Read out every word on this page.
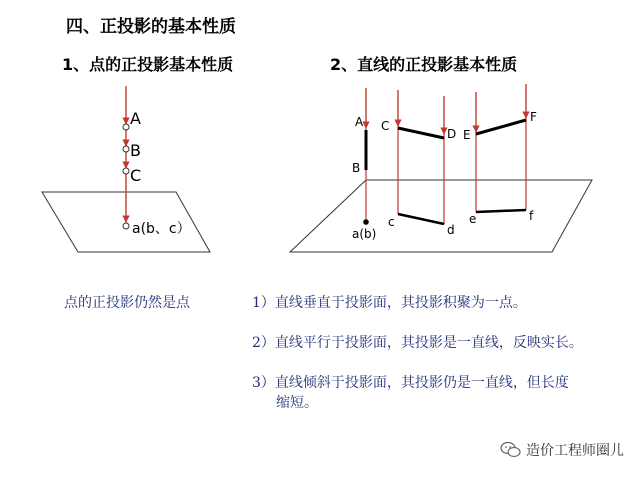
四、正投影的基本性质
1、点的正投影基本性质	2、直线的正投影基本性质
A
B
C
a(b、c）
A
B
a(b)
C
D
c
d
E
F
e	f
点的正投影仍然是点	1）直线垂直于投影面，其投影积聚为一点。
2）直线平行于投影面，其投影是一直线，反映实长。
3）直线倾斜于投影面，其投影仍是一直线，但长度
缩短。
造价工程师圈儿
